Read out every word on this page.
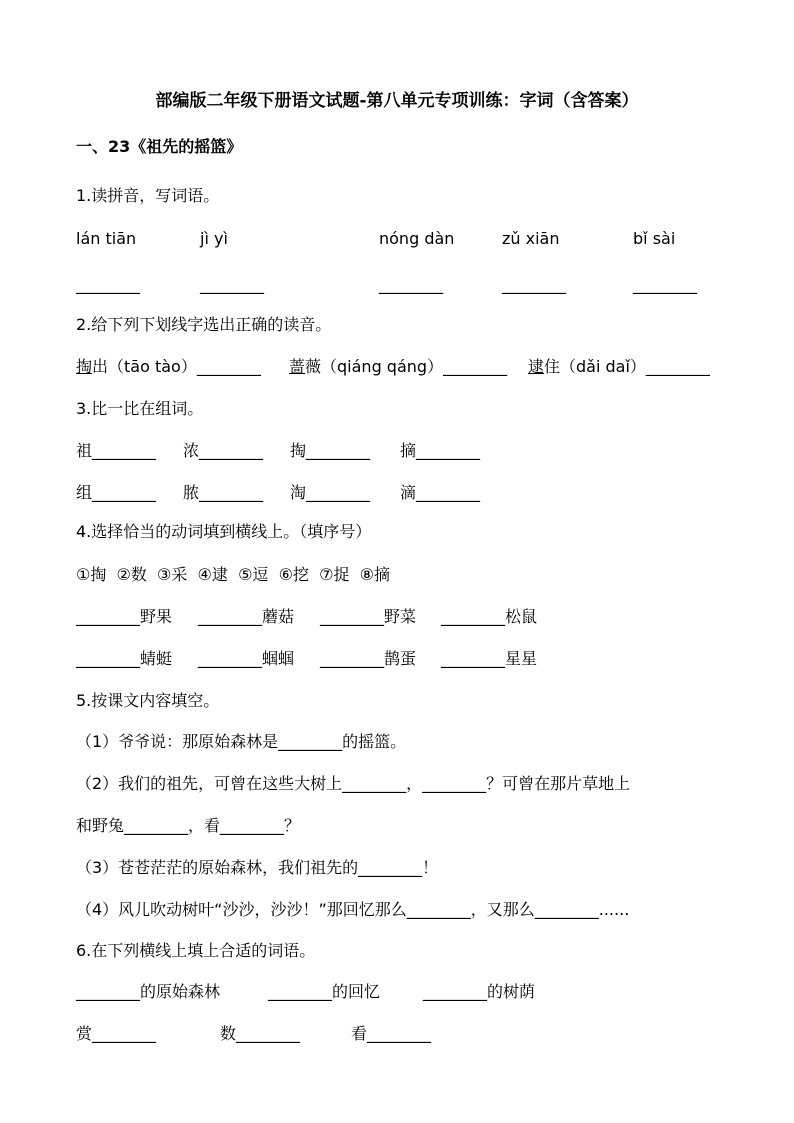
部编版二年级下册语文试题-第八单元专项训练：字词（含答案）
一、23《祖先的摇篮》
1.读拼音，写词语。
lán tiān	jì yì	nóng dàn	zǔ xiān	bǐ sài
________	________	________	________	________
2.给下列下划线字选出正确的读音。
掏出（tāo tào）________ 蔷薇（qiáng qáng）________ 逮住（dǎi daǐ）________
3.比一比在组词。
祖________ 浓________ 掏________ 摘________
组________ 脓________ 淘________ 滴________
4.选择恰当的动词填到横线上。（填序号）
①掏  ②数  ③采  ④逮  ⑤逗  ⑥挖  ⑦捉  ⑧摘
________野果 ________蘑菇 ________野菜 ________松鼠
________蜻蜓 ________蝈蝈 ________鹊蛋 ________星星
5.按课文内容填空。
（1）爷爷说：那原始森林是________的摇篮。
（2）我们的祖先，可曾在这些大树上________，________？可曾在那片草地上
和野兔________，看________？
（3）苍苍茫茫的原始森林，我们祖先的________！
（4）风儿吹动树叶“沙沙，沙沙！”那回忆那么________，又那么________......
6.在下列横线上填上合适的词语。
________的原始森林	________的回忆	________的树荫
赏________	数________	看________
